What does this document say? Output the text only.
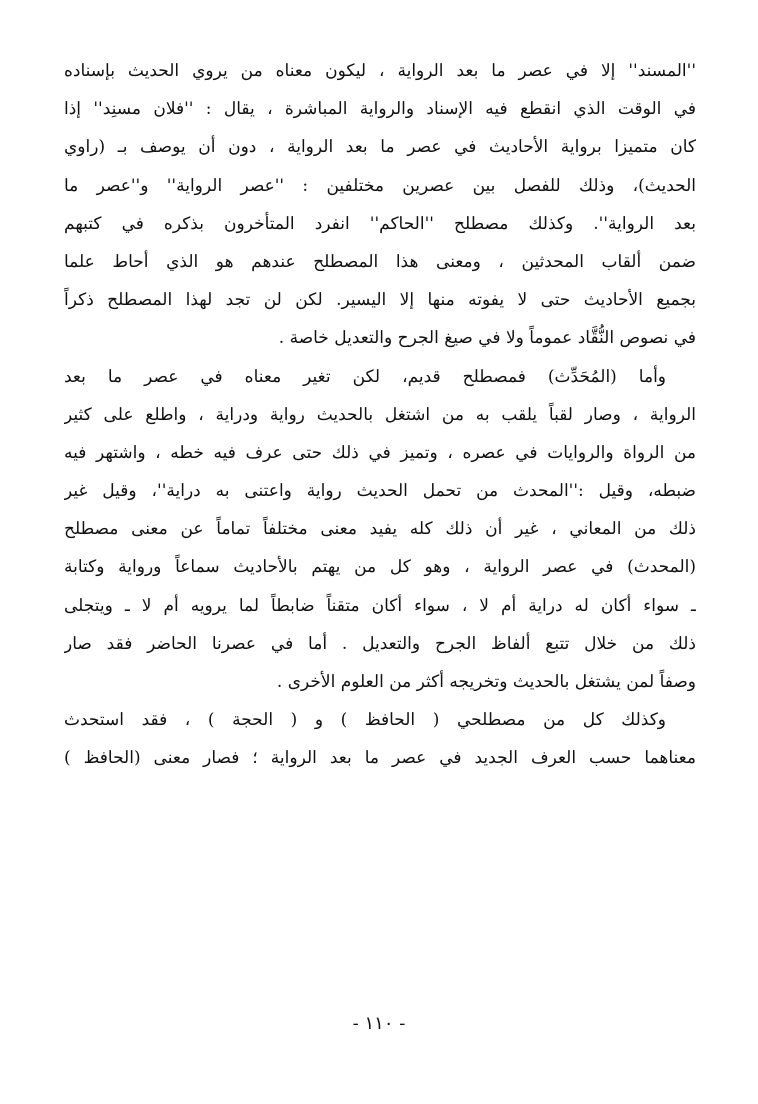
''المسند'' إلا في عصر ما بعد الرواية ، ليكون معناه من يروي الحديث بإسناده
في الوقت الذي انقطع فيه الإسناد والرواية المباشرة ، يقال : ''فلان مسنِد'' إذا
كان متميزا برواية الأحاديث في عصر ما بعد الرواية ، دون أن يوصف بـ (راوي
الحديث)، وذلك للفصل بين عصرين مختلفين : ''عصر الرواية'' و''عصر ما
بعد الرواية''. وكذلك مصطلح ''الحاكم'' انفرد المتأخرون بذكره في كتبهم
ضمن ألقاب المحدثين ، ومعنى هذا المصطلح عندهم هو الذي أحاط علما
بجميع الأحاديث حتى لا يفوته منها إلا اليسير. لكن لن تجد لهذا المصطلح ذكراً
في نصوص النُّقَّاد عموماً ولا في صيغ الجرح والتعديل خاصة .
وأما (المُحَدِّث) فمصطلح قديم، لكن تغير معناه في عصر ما بعد
الرواية ، وصار لقباً يلقب به من اشتغل بالحديث رواية ودراية ، واطلع على كثير
من الرواة والروايات في عصره ، وتميز في ذلك حتى عرف فيه خطه ، واشتهر فيه
ضبطه، وقيل :''المحدث من تحمل الحديث رواية واعتنى به دراية''، وقيل غير
ذلك من المعاني ، غير أن ذلك كله يفيد معنى مختلفاً تماماً عن معنى مصطلح
(المحدث) في عصر الرواية ، وهو كل من يهتم بالأحاديث سماعاً ورواية وكتابة
ـ سواء أكان له دراية أم لا ، سواء أكان متقناً ضابطاً لما يرويه أم لا ـ ويتجلى
ذلك من خلال تتبع ألفاظ الجرح والتعديل . أما في عصرنا الحاضر فقد صار
وصفاً لمن يشتغل بالحديث وتخريجه أكثر من العلوم الأخرى .
وكذلك كل من مصطلحي ( الحافظ ) و ( الحجة ) ، فقد استحدث
معناهما حسب العرف الجديد في عصر ما بعد الرواية ؛ فصار معنى (الحافظ )
- ١١٠ -
